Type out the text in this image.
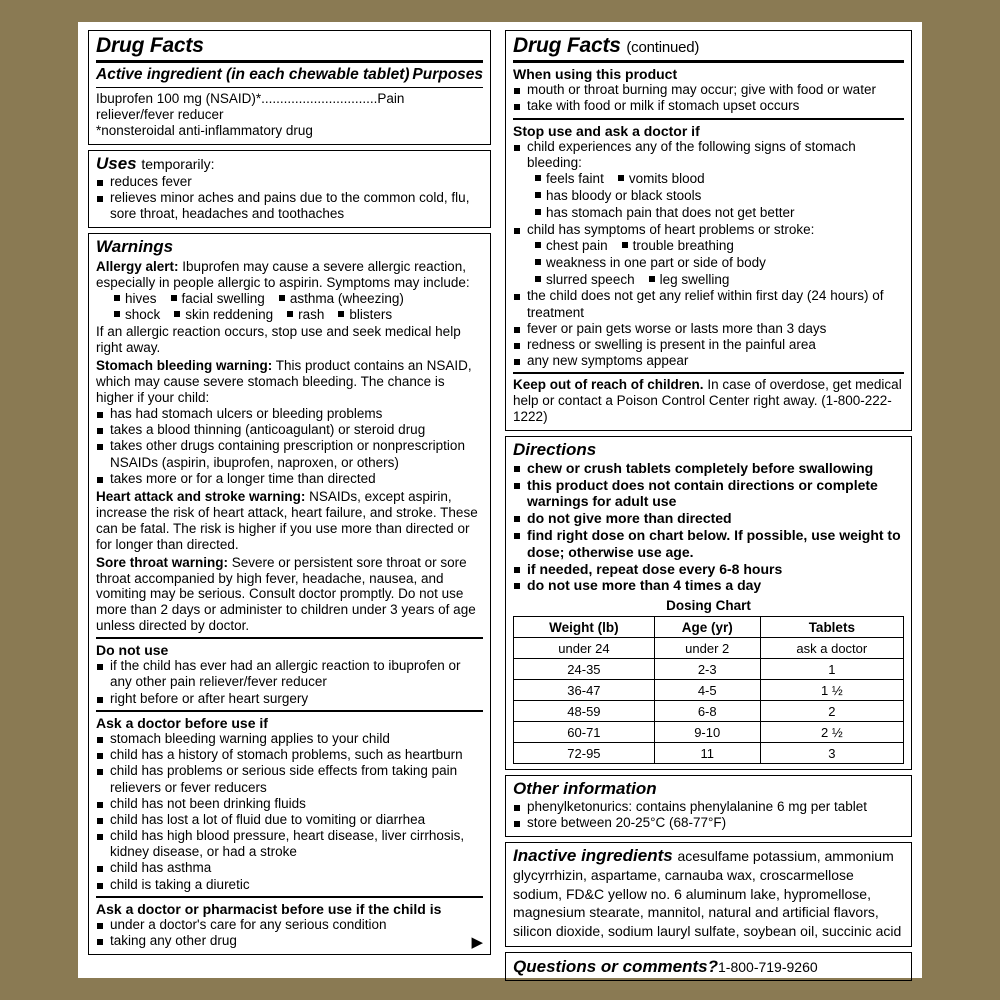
Drug Facts
Active ingredient (in each chewable tablet) Purposes
Ibuprofen 100 mg (NSAID)*...............................Pain reliever/fever reducer
*nonsteroidal anti-inflammatory drug
Uses temporarily:
reduces fever
relieves minor aches and pains due to the common cold, flu, sore throat, headaches and toothaches
Warnings
Allergy alert: Ibuprofen may cause a severe allergic reaction, especially in people allergic to aspirin. Symptoms may include:
hives facial swelling asthma (wheezing)
shock skin reddening rash blisters
If an allergic reaction occurs, stop use and seek medical help right away.
Stomach bleeding warning: This product contains an NSAID, which may cause severe stomach bleeding. The chance is higher if your child:
has had stomach ulcers or bleeding problems
takes a blood thinning (anticoagulant) or steroid drug
takes other drugs containing prescription or nonprescription NSAIDs (aspirin, ibuprofen, naproxen, or others)
takes more or for a longer time than directed
Heart attack and stroke warning: NSAIDs, except aspirin, increase the risk of heart attack, heart failure, and stroke. These can be fatal. The risk is higher if you use more than directed or for longer than directed.
Sore throat warning: Severe or persistent sore throat or sore throat accompanied by high fever, headache, nausea, and vomiting may be serious. Consult doctor promptly. Do not use more than 2 days or administer to children under 3 years of age unless directed by doctor.
Do not use
if the child has ever had an allergic reaction to ibuprofen or any other pain reliever/fever reducer
right before or after heart surgery
Ask a doctor before use if
stomach bleeding warning applies to your child
child has a history of stomach problems, such as heartburn
child has problems or serious side effects from taking pain relievers or fever reducers
child has not been drinking fluids
child has lost a lot of fluid due to vomiting or diarrhea
child has high blood pressure, heart disease, liver cirrhosis, kidney disease, or had a stroke
child has asthma
child is taking a diuretic
Ask a doctor or pharmacist before use if the child is
under a doctor's care for any serious condition
▶
taking any other drug
Drug Facts (continued)
When using this product
mouth or throat burning may occur; give with food or water
take with food or milk if stomach upset occurs
Stop use and ask a doctor if
child experiences any of the following signs of stomach bleeding:
feels faint vomits blood
has bloody or black stools
has stomach pain that does not get better
child has symptoms of heart problems or stroke:
chest pain trouble breathing
weakness in one part or side of body
slurred speech leg swelling
the child does not get any relief within first day (24 hours) of treatment
fever or pain gets worse or lasts more than 3 days
redness or swelling is present in the painful area
any new symptoms appear
Keep out of reach of children. In case of overdose, get medical help or contact a Poison Control Center right away. (1-800-222-1222)
Directions
chew or crush tablets completely before swallowing
this product does not contain directions or complete warnings for adult use
do not give more than directed
find right dose on chart below. If possible, use weight to dose; otherwise use age.
if needed, repeat dose every 6-8 hours
do not use more than 4 times a day
Dosing Chart
Weight (lb)	Age (yr)	Tablets
under 24	under 2	ask a doctor
24-35	2-3	1
36-47	4-5	1 ½
48-59	6-8	2
60-71	9-10	2 ½
72-95	11	3
Other information
phenylketonurics: contains phenylalanine 6 mg per tablet
store between 20-25°C (68-77°F)
Inactive ingredients acesulfame potassium, ammonium glycyrrhizin, aspartame, carnauba wax, croscarmellose sodium, FD&C yellow no. 6 aluminum lake, hypromellose, magnesium stearate, mannitol, natural and artificial flavors, silicon dioxide, sodium lauryl sulfate, soybean oil, succinic acid
Questions or comments?1-800-719-9260
